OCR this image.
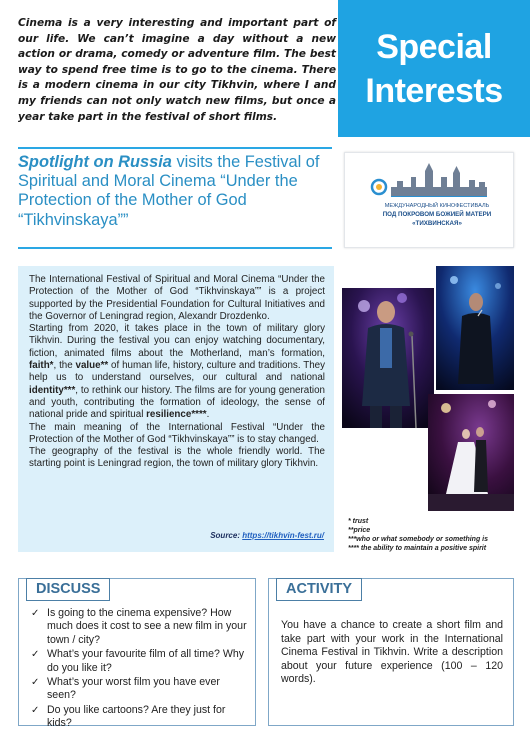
Cinema is a very interesting and important part of our life. We can’t imagine a day without a new action or drama, comedy or adventure film. The best way to spend free time is to go to the cinema. There is a modern cinema in our city Tikhvin, where I and my friends can not only watch new films, but once a year take part in the festival of short films.
Special
Interests
Spotlight on Russia visits the Festival of Spiritual and Moral Cinema “Under the Protection of the Mother of God “Tikhvinskaya””
МЕЖДУНАРОДНЫЙ КИНОФЕСТИВАЛЬ
ПОД ПОКРОВОМ БОЖИЕЙ МАТЕРИ
«ТИХВИНСКАЯ»

The International Festival of Spiritual and Moral Cinema “Under the Protection of the Mother of God “Tikhvinskaya”” is a project supported by the Presidential Foundation for Cultural Initiatives and the Governor of Leningrad region, Alexandr Drozdenko.

Starting from 2020, it takes place in the town of military glory Tikhvin. During the festival you can enjoy watching documentary, fiction, animated films about the Motherland, man’s formation, faith*, the value** of human life, history, culture and traditions. They help us to understand ourselves, our cultural and national identity***, to rethink our history. The films are for young generation and youth, contributing the formation of ideology, the sense of national pride and spiritual resilience****.

The main meaning of the International Festival “Under the Protection of the Mother of God “Tikhvinskaya”” is to stay changed.

The geography of the festival is the whole friendly world. The starting point is Leningrad region, the town of military glory Tikhvin.

Source: https://tikhvin-fest.ru/
* trust
**price
***who or what somebody or something is
**** the ability to maintain a positive spirit
DISCUSS
✓ Is going to the cinema expensive? How much does it cost to see a new film in your town / city?
✓ What’s your favourite film of all time? Why do you like it?
✓ What’s your worst film you have ever seen?
✓ Do you like cartoons? Are they just for kids?
ACTIVITY
You have a chance to create a short film and take part with your work in the International Cinema Festival in Tikhvin. Write a description about your future experience (100 – 120 words).
